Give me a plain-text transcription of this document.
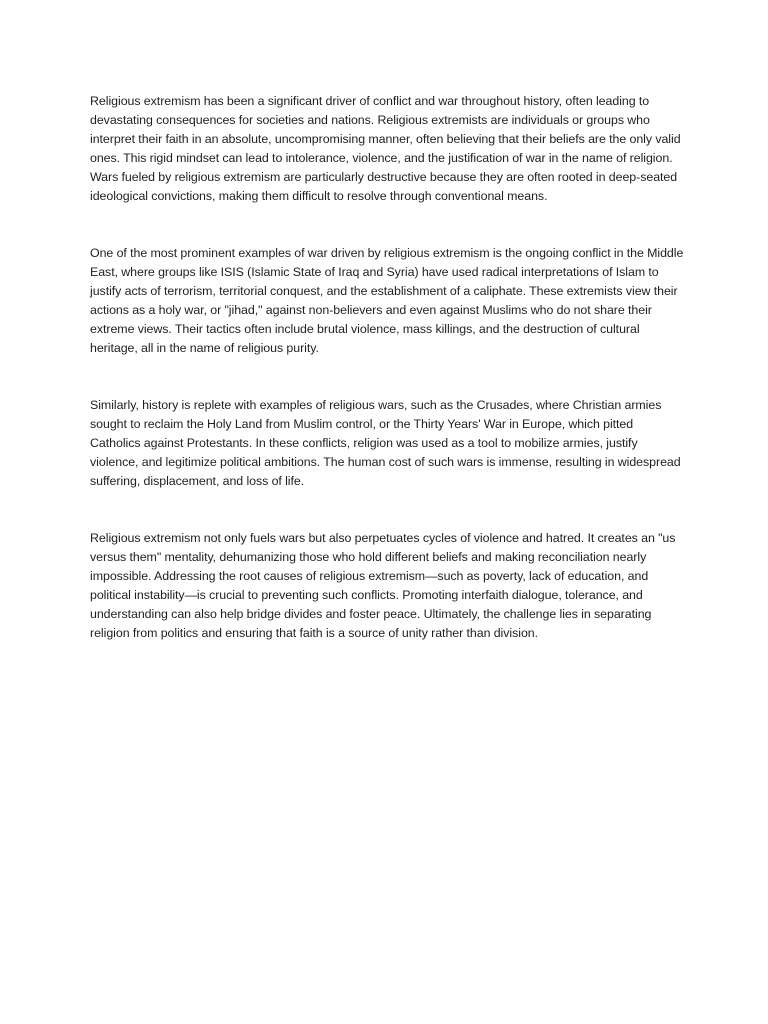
Religious extremism has been a significant driver of conflict and war throughout history, often leading to devastating consequences for societies and nations. Religious extremists are individuals or groups who interpret their faith in an absolute, uncompromising manner, often believing that their beliefs are the only valid ones. This rigid mindset can lead to intolerance, violence, and the justification of war in the name of religion. Wars fueled by religious extremism are particularly destructive because they are often rooted in deep-seated ideological convictions, making them difficult to resolve through conventional means.

One of the most prominent examples of war driven by religious extremism is the ongoing conflict in the Middle East, where groups like ISIS (Islamic State of Iraq and Syria) have used radical interpretations of Islam to justify acts of terrorism, territorial conquest, and the establishment of a caliphate. These extremists view their actions as a holy war, or "jihad," against non-believers and even against Muslims who do not share their extreme views. Their tactics often include brutal violence, mass killings, and the destruction of cultural heritage, all in the name of religious purity.

Similarly, history is replete with examples of religious wars, such as the Crusades, where Christian armies sought to reclaim the Holy Land from Muslim control, or the Thirty Years' War in Europe, which pitted Catholics against Protestants. In these conflicts, religion was used as a tool to mobilize armies, justify violence, and legitimize political ambitions. The human cost of such wars is immense, resulting in widespread suffering, displacement, and loss of life.

Religious extremism not only fuels wars but also perpetuates cycles of violence and hatred. It creates an "us versus them" mentality, dehumanizing those who hold different beliefs and making reconciliation nearly impossible. Addressing the root causes of religious extremism—such as poverty, lack of education, and political instability—is crucial to preventing such conflicts. Promoting interfaith dialogue, tolerance, and understanding can also help bridge divides and foster peace. Ultimately, the challenge lies in separating religion from politics and ensuring that faith is a source of unity rather than division.
